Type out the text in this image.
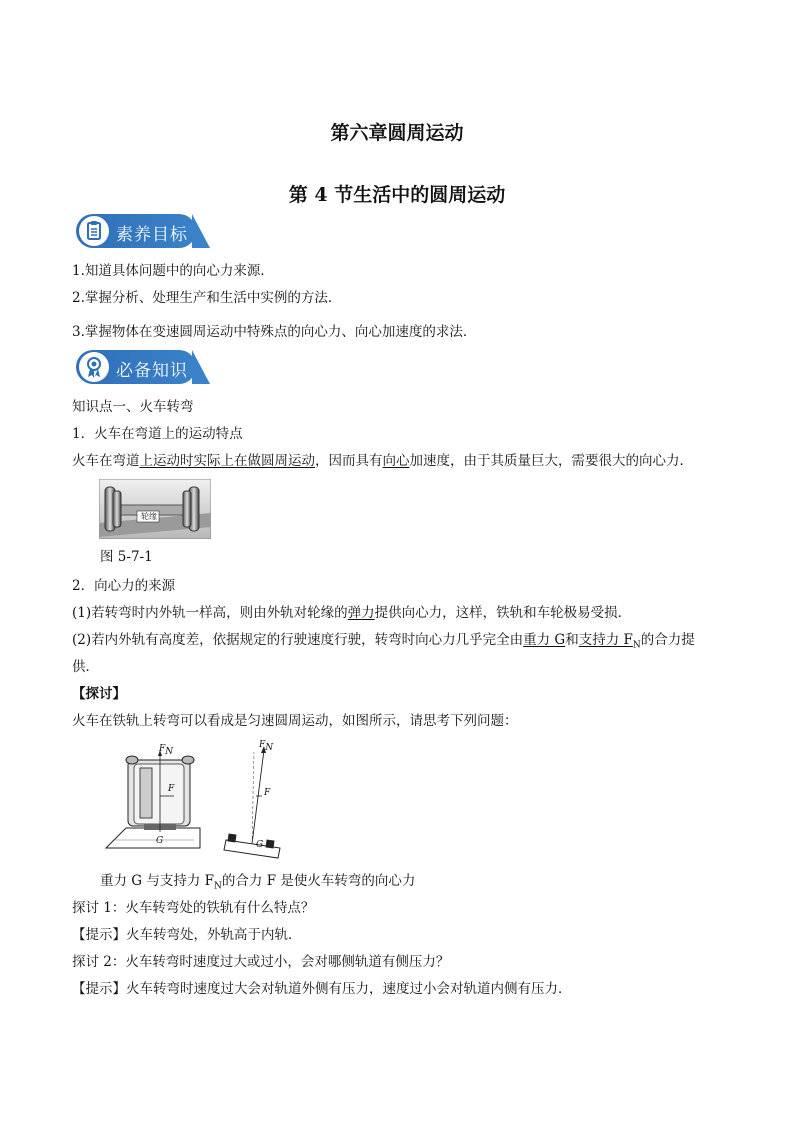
第六章圆周运动
第 4 节生活中的圆周运动
素养目标
1.知道具体问题中的向心力来源．
2.掌握分析、处理生产和生活中实例的方法．
3.掌握物体在变速圆周运动中特殊点的向心力、向心加速度的求法．
必备知识
知识点一、火车转弯
1．火车在弯道上的运动特点
火车在弯道上运动时实际上在做圆周运动，因而具有向心加速度，由于其质量巨大，需要很大的向心力．
轮缘
图 5-7-1
2．向心力的来源
(1)若转弯时内外轨一样高，则由外轨对轮缘的弹力提供向心力，这样，铁轨和车轮极易受损．
(2)若内外轨有高度差，依据规定的行驶速度行驶，转弯时向心力几乎完全由重力 G和支持力 $F_N$的合力提
供．
【探讨】
火车在铁轨上转弯可以看成是匀速圆周运动，如图所示，请思考下列问题：
$F_N$
F
G
$F_N$
F
G
重力 G 与支持力 $F_N$的合力 F 是使火车转弯的向心力
探讨 1：火车转弯处的铁轨有什么特点？
【提示】火车转弯处，外轨高于内轨．
探讨 2：火车转弯时速度过大或过小，会对哪侧轨道有侧压力？
【提示】火车转弯时速度过大会对轨道外侧有压力，速度过小会对轨道内侧有压力．
